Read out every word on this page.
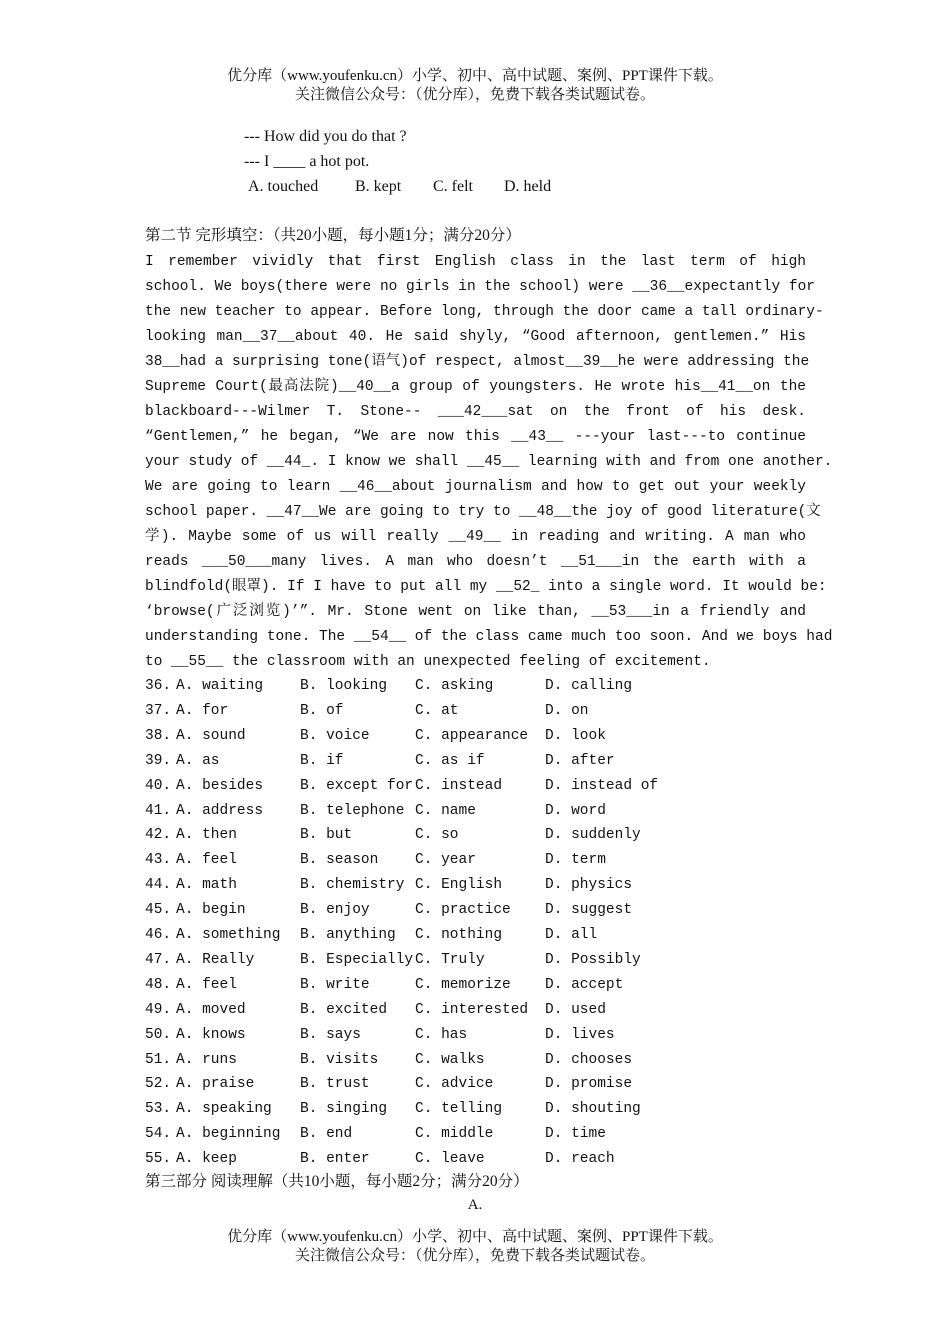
优分库（www.youfenku.cn）小学、初中、高中试题、案例、PPT课件下载。
关注微信公众号：（优分库），免费下载各类试题试卷。
--- How did you do that ?
--- I ____ a hot pot.
A. touched B. kept C. felt D. held
第二节 完形填空：（共20小题，每小题1分；满分20分）
I remember vividly that first English class in the last term of high
school. We boys(there were no girls in the school) were __36__expectantly for
the new teacher to appear. Before long, through the door came a tall ordinary-
looking man__37__about 40. He said shyly, “Good afternoon, gentlemen.” His
38__had a surprising tone(语气)of respect, almost__39__he were addressing the
Supreme Court(最高法院)__40__a group of youngsters. He wrote his__41__on the
blackboard---Wilmer T. Stone-- ___42___sat on the front of his desk.
“Gentlemen,” he began, “We are now this __43__ ---your last---to continue
your study of __44_. I know we shall __45__ learning with and from one another.
We are going to learn __46__about journalism and how to get out your weekly
school paper. __47__We are going to try to __48__the joy of good literature(文
学). Maybe some of us will really __49__ in reading and writing. A man who
reads ___50___many lives. A man who doesn’t __51___in the earth with a
blindfold(眼罩). If I have to put all my __52_ into a single word. It would be:
‘browse(广泛浏览)’”. Mr. Stone went on like than, __53___in a friendly and
understanding tone. The __54__ of the class came much too soon. And we boys had
to __55__ the classroom with an unexpected feeling of excitement.
36. A. waiting	B. looking C. asking	D. calling
37. A. for	B. of	C. at	D. on
38. A. sound	B. voice	C. appearance D. look
39. A. as	B. if	C. as if	D. after
40. A. besides	B. except for C. instead	D. instead of
41. A. address	B. telephone C. name	D. word
42. A. then	B. but	C. so	D. suddenly
43. A. feel	B. season	C. year	D. term
44. A. math	B. chemistry C. English	D. physics
45. A. begin	B. enjoy	C. practice D. suggest
46. A. something B. anything C. nothing	D. all
47. A. Really	B. Especially C. Truly	D. Possibly
48. A. feel	B. write	C. memorize D. accept
49. A. moved	B. excited C. interested D. used
50. A. knows	B. says	C. has	D. lives
51. A. runs	B. visits	C. walks	D. chooses
52. A. praise	B. trust	C. advice	D. promise
53. A. speaking B. singing C. telling	D. shouting
54. A. beginning B. end	C. middle	D. time
55. A. keep	B. enter	C. leave	D. reach
第三部分 阅读理解（共10小题，每小题2分；满分20分）
A.
优分库（www.youfenku.cn）小学、初中、高中试题、案例、PPT课件下载。
关注微信公众号：（优分库），免费下载各类试题试卷。
